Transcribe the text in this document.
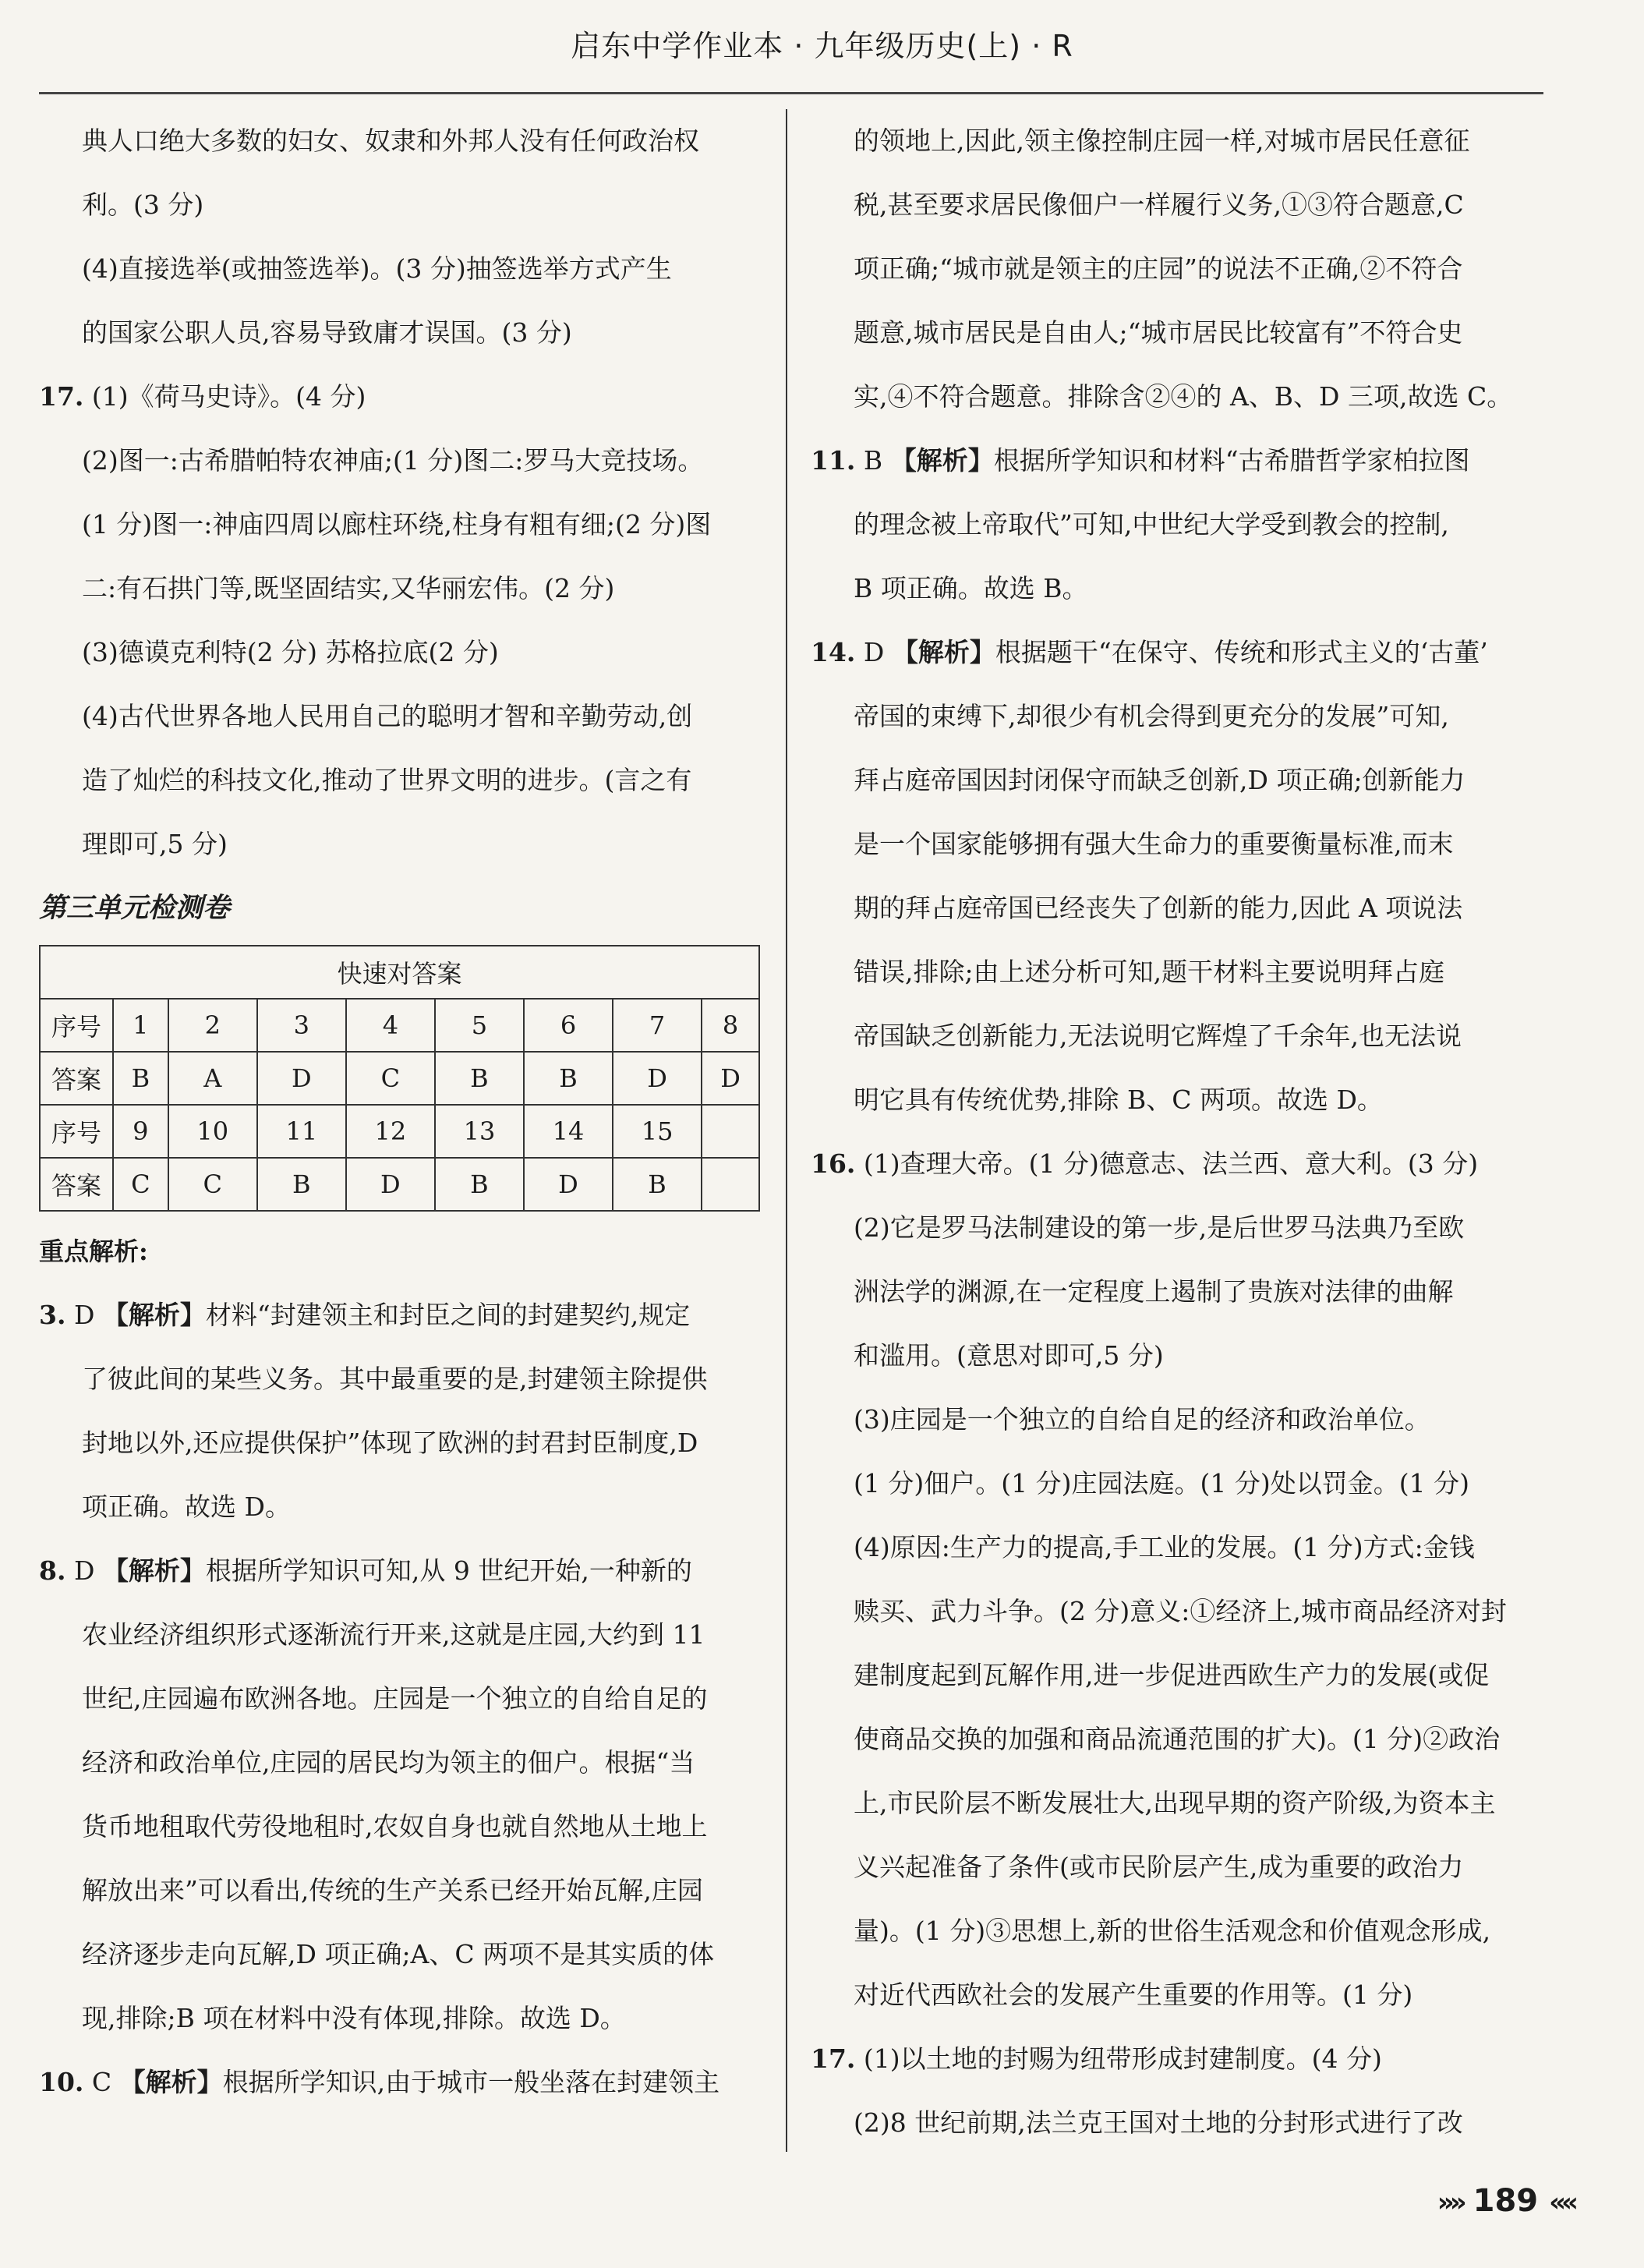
启东中学作业本 · 九年级历史(上) · R
典人口绝大多数的妇女、奴隶和外邦人没有任何政治权
利。(3 分)
(4)直接选举(或抽签选举)。(3 分)抽签选举方式产生
的国家公职人员,容易导致庸才误国。(3 分)
17. (1)《荷马史诗》。(4 分)
(2)图一:古希腊帕特农神庙;(1 分)图二:罗马大竞技场。
(1 分)图一:神庙四周以廊柱环绕,柱身有粗有细;(2 分)图
二:有石拱门等,既坚固结实,又华丽宏伟。(2 分)
(3)德谟克利特(2 分) 苏格拉底(2 分)
(4)古代世界各地人民用自己的聪明才智和辛勤劳动,创
造了灿烂的科技文化,推动了世界文明的进步。(言之有
理即可,5 分)
第三单元检测卷
快速对答案								
序号	1	2	3	4	5	6	7	8
答案	B	A	D	C	B	B	D	D
序号	9	10	11	12	13	14	15	
答案	C	C	B	D	B	D	B	
重点解析:
3. D 【解析】材料“封建领主和封臣之间的封建契约,规定
了彼此间的某些义务。其中最重要的是,封建领主除提供
封地以外,还应提供保护”体现了欧洲的封君封臣制度,D
项正确。故选 D。
8. D 【解析】根据所学知识可知,从 9 世纪开始,一种新的
农业经济组织形式逐渐流行开来,这就是庄园,大约到 11
世纪,庄园遍布欧洲各地。庄园是一个独立的自给自足的
经济和政治单位,庄园的居民均为领主的佃户。根据“当
货币地租取代劳役地租时,农奴自身也就自然地从土地上
解放出来”可以看出,传统的生产关系已经开始瓦解,庄园
经济逐步走向瓦解,D 项正确;A、C 两项不是其实质的体
现,排除;B 项在材料中没有体现,排除。故选 D。
10. C 【解析】根据所学知识,由于城市一般坐落在封建领主
的领地上,因此,领主像控制庄园一样,对城市居民任意征
税,甚至要求居民像佃户一样履行义务,①③符合题意,C
项正确;“城市就是领主的庄园”的说法不正确,②不符合
题意,城市居民是自由人;“城市居民比较富有”不符合史
实,④不符合题意。排除含②④的 A、B、D 三项,故选 C。
11. B 【解析】根据所学知识和材料“古希腊哲学家柏拉图
的理念被上帝取代”可知,中世纪大学受到教会的控制,
B 项正确。故选 B。
14. D 【解析】根据题干“在保守、传统和形式主义的‘古董’
帝国的束缚下,却很少有机会得到更充分的发展”可知,
拜占庭帝国因封闭保守而缺乏创新,D 项正确;创新能力
是一个国家能够拥有强大生命力的重要衡量标准,而末
期的拜占庭帝国已经丧失了创新的能力,因此 A 项说法
错误,排除;由上述分析可知,题干材料主要说明拜占庭
帝国缺乏创新能力,无法说明它辉煌了千余年,也无法说
明它具有传统优势,排除 B、C 两项。故选 D。
16. (1)查理大帝。(1 分)德意志、法兰西、意大利。(3 分)
(2)它是罗马法制建设的第一步,是后世罗马法典乃至欧
洲法学的渊源,在一定程度上遏制了贵族对法律的曲解
和滥用。(意思对即可,5 分)
(3)庄园是一个独立的自给自足的经济和政治单位。
(1 分)佃户。(1 分)庄园法庭。(1 分)处以罚金。(1 分)
(4)原因:生产力的提高,手工业的发展。(1 分)方式:金钱
赎买、武力斗争。(2 分)意义:①经济上,城市商品经济对封
建制度起到瓦解作用,进一步促进西欧生产力的发展(或促
使商品交换的加强和商品流通范围的扩大)。(1 分)②政治
上,市民阶层不断发展壮大,出现早期的资产阶级,为资本主
义兴起准备了条件(或市民阶层产生,成为重要的政治力
量)。(1 分)③思想上,新的世俗生活观念和价值观念形成,
对近代西欧社会的发展产生重要的作用等。(1 分)
17. (1)以土地的封赐为纽带形成封建制度。(4 分)
(2)8 世纪前期,法兰克王国对土地的分封形式进行了改
»» 189 ««
